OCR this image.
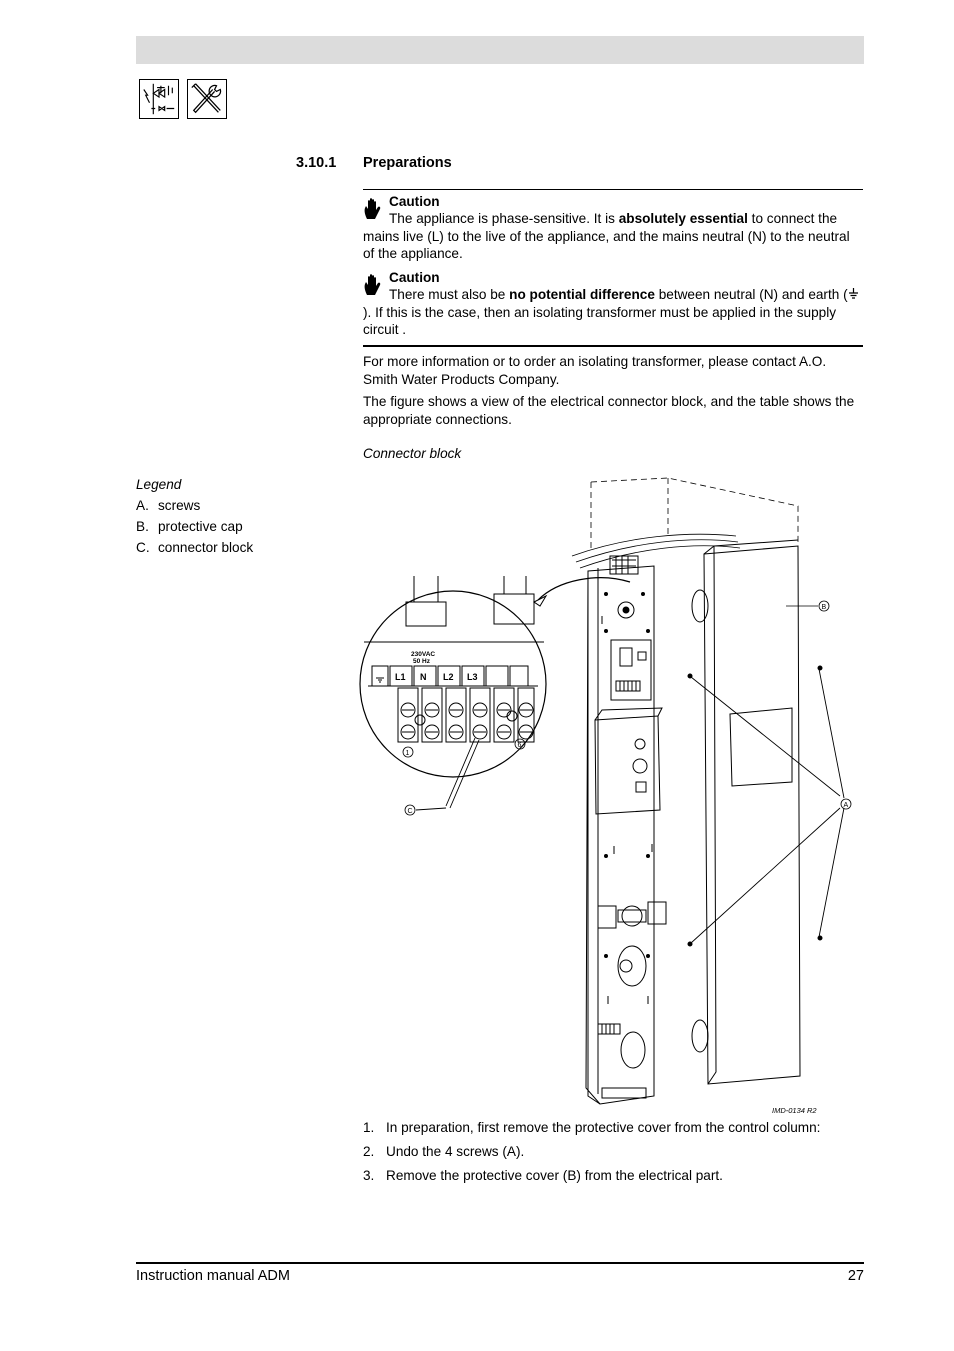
3.10.1 Preparations
Caution
The appliance is phase-sensitive. It is absolutely essential to connect the mains live (L) to the live of the appliance, and the mains neutral (N) to the neutral of the appliance.
Caution
There must also be no potential difference between neutral (N) and earth (). If this is the case, then an isolating transformer must be applied in the supply circuit .
For more information or to order an isolating transformer, please contact A.O. Smith Water Products Company.
The figure shows a view of the electrical connector block, and the table shows the appropriate connections.
Connector block
Legend
A. screws
B. protective cap
C. connector block
230VAC
50 Hz
L1 N L2 L3
1
6
C
B
A
IMD-0134 R2
1. In preparation, first remove the protective cover from the control column:
2. Undo the 4 screws (A).
3. Remove the protective cover (B) from the electrical part.
Instruction manual ADM	27
